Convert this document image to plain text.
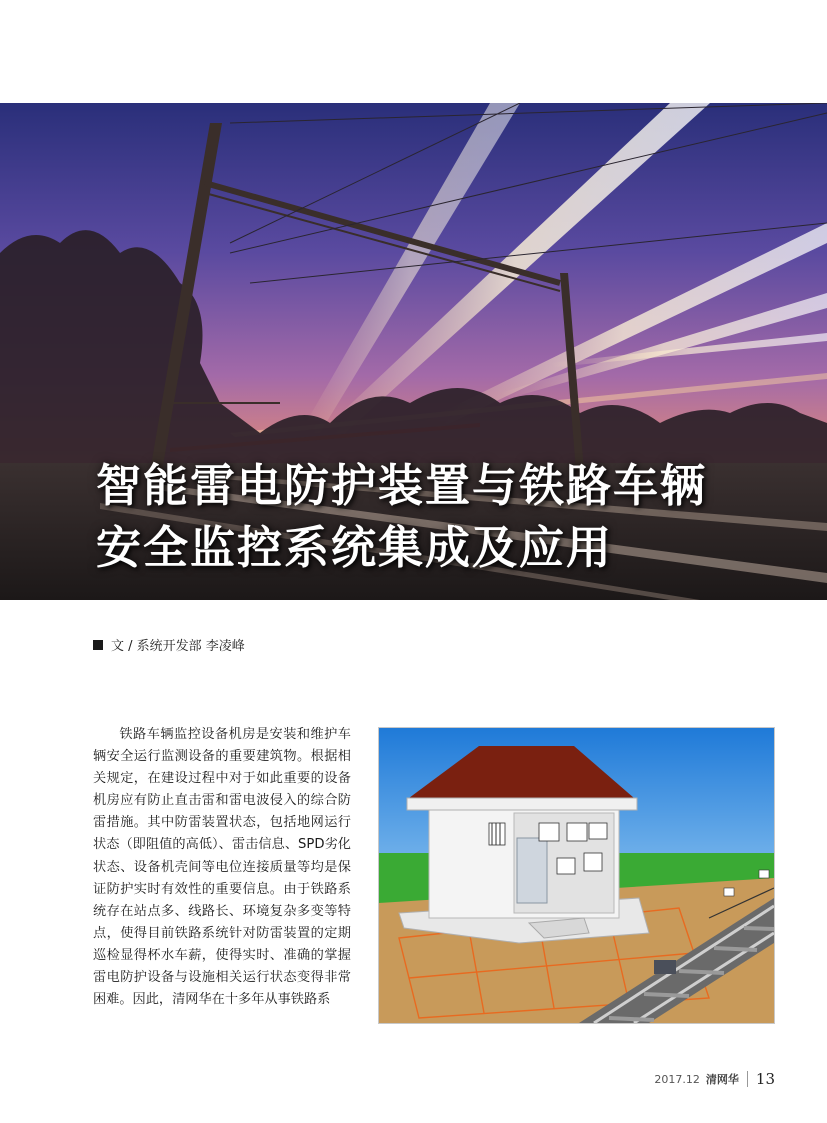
智能雷电防护装置与铁路车辆
安全监控系统集成及应用
文 / 系统开发部 李凌峰

铁路车辆监控设备机房是安装和维护车辆安全运行监测设备的重要建筑物。根据相关规定，在建设过程中对于如此重要的设备机房应有防止直击雷和雷电波侵入的综合防雷措施。其中防雷装置状态，包括地网运行状态（即阻值的高低）、雷击信息、SPD劣化状态、设备机壳间等电位连接质量等均是保证防护实时有效性的重要信息。由于铁路系统存在站点多、线路长、环境复杂多变等特点，使得目前铁路系统针对防雷装置的定期巡检显得杯水车薪，使得实时、准确的掌握雷电防护设备与设施相关运行状态变得非常困难。因此，清网华在十多年从事铁路系

2017.12 清网华 13
